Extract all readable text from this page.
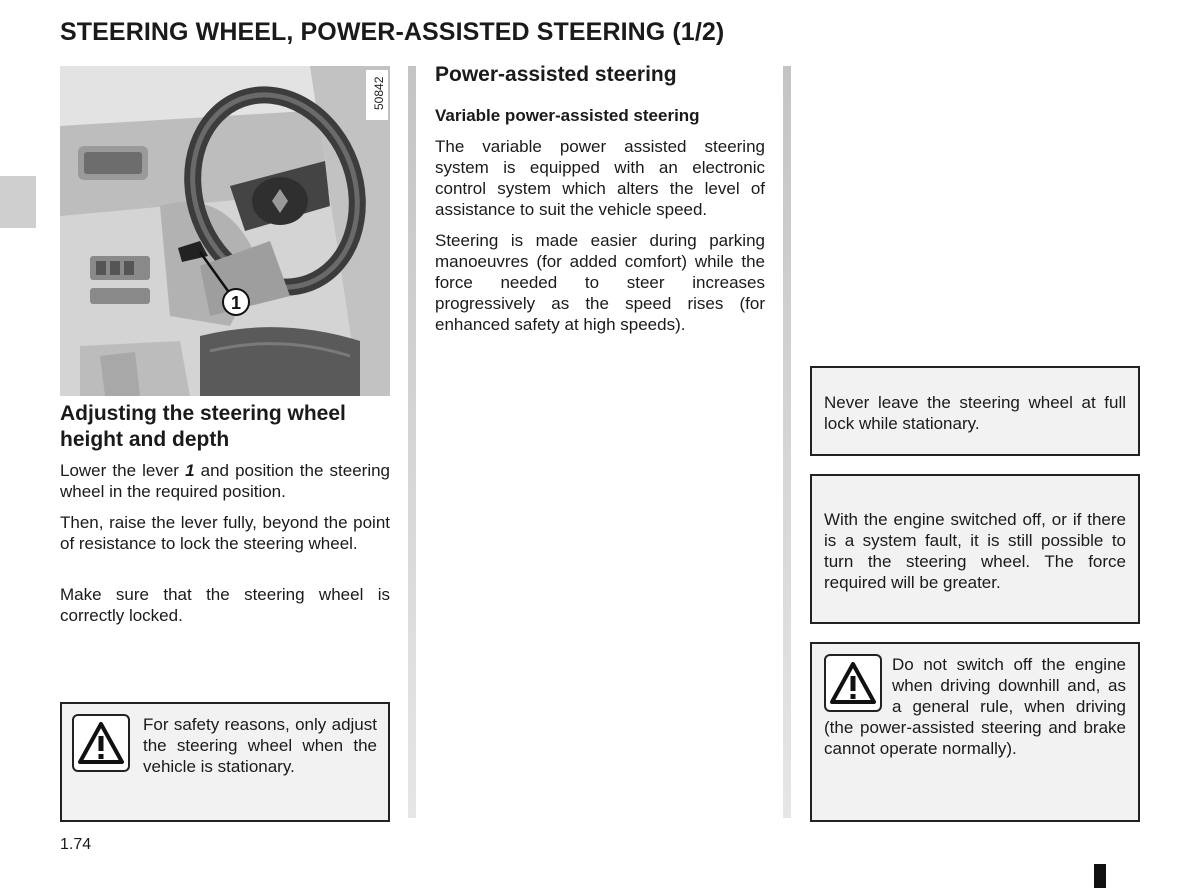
STEERING WHEEL, POWER-ASSISTED STEERING (1/2)
1
50842
Adjusting the steering wheel height and depth

Lower the lever 1 and position the steering wheel in the required position.

Then, raise the lever fully, beyond the point of resistance to lock the steering wheel.

Make sure that the steering wheel is correctly locked.

For safety reasons, only adjust the steering wheel when the vehicle is stationary.
Power-assisted steering
Variable power-assisted steering

The variable power assisted steering system is equipped with an electronic control system which alters the level of assistance to suit the vehicle speed.

Steering is made easier during parking manoeuvres (for added comfort) while the force needed to steer increases progressively as the speed rises (for enhanced safety at high speeds).

Never leave the steering wheel at full lock while stationary.
With the engine switched off, or if there is a system fault, it is still possible to turn the steering wheel. The force required will be greater.
Do not switch off the engine when driving downhill and, as a general rule, when driving (the power-assisted steering and brake cannot operate normally).
1.74
